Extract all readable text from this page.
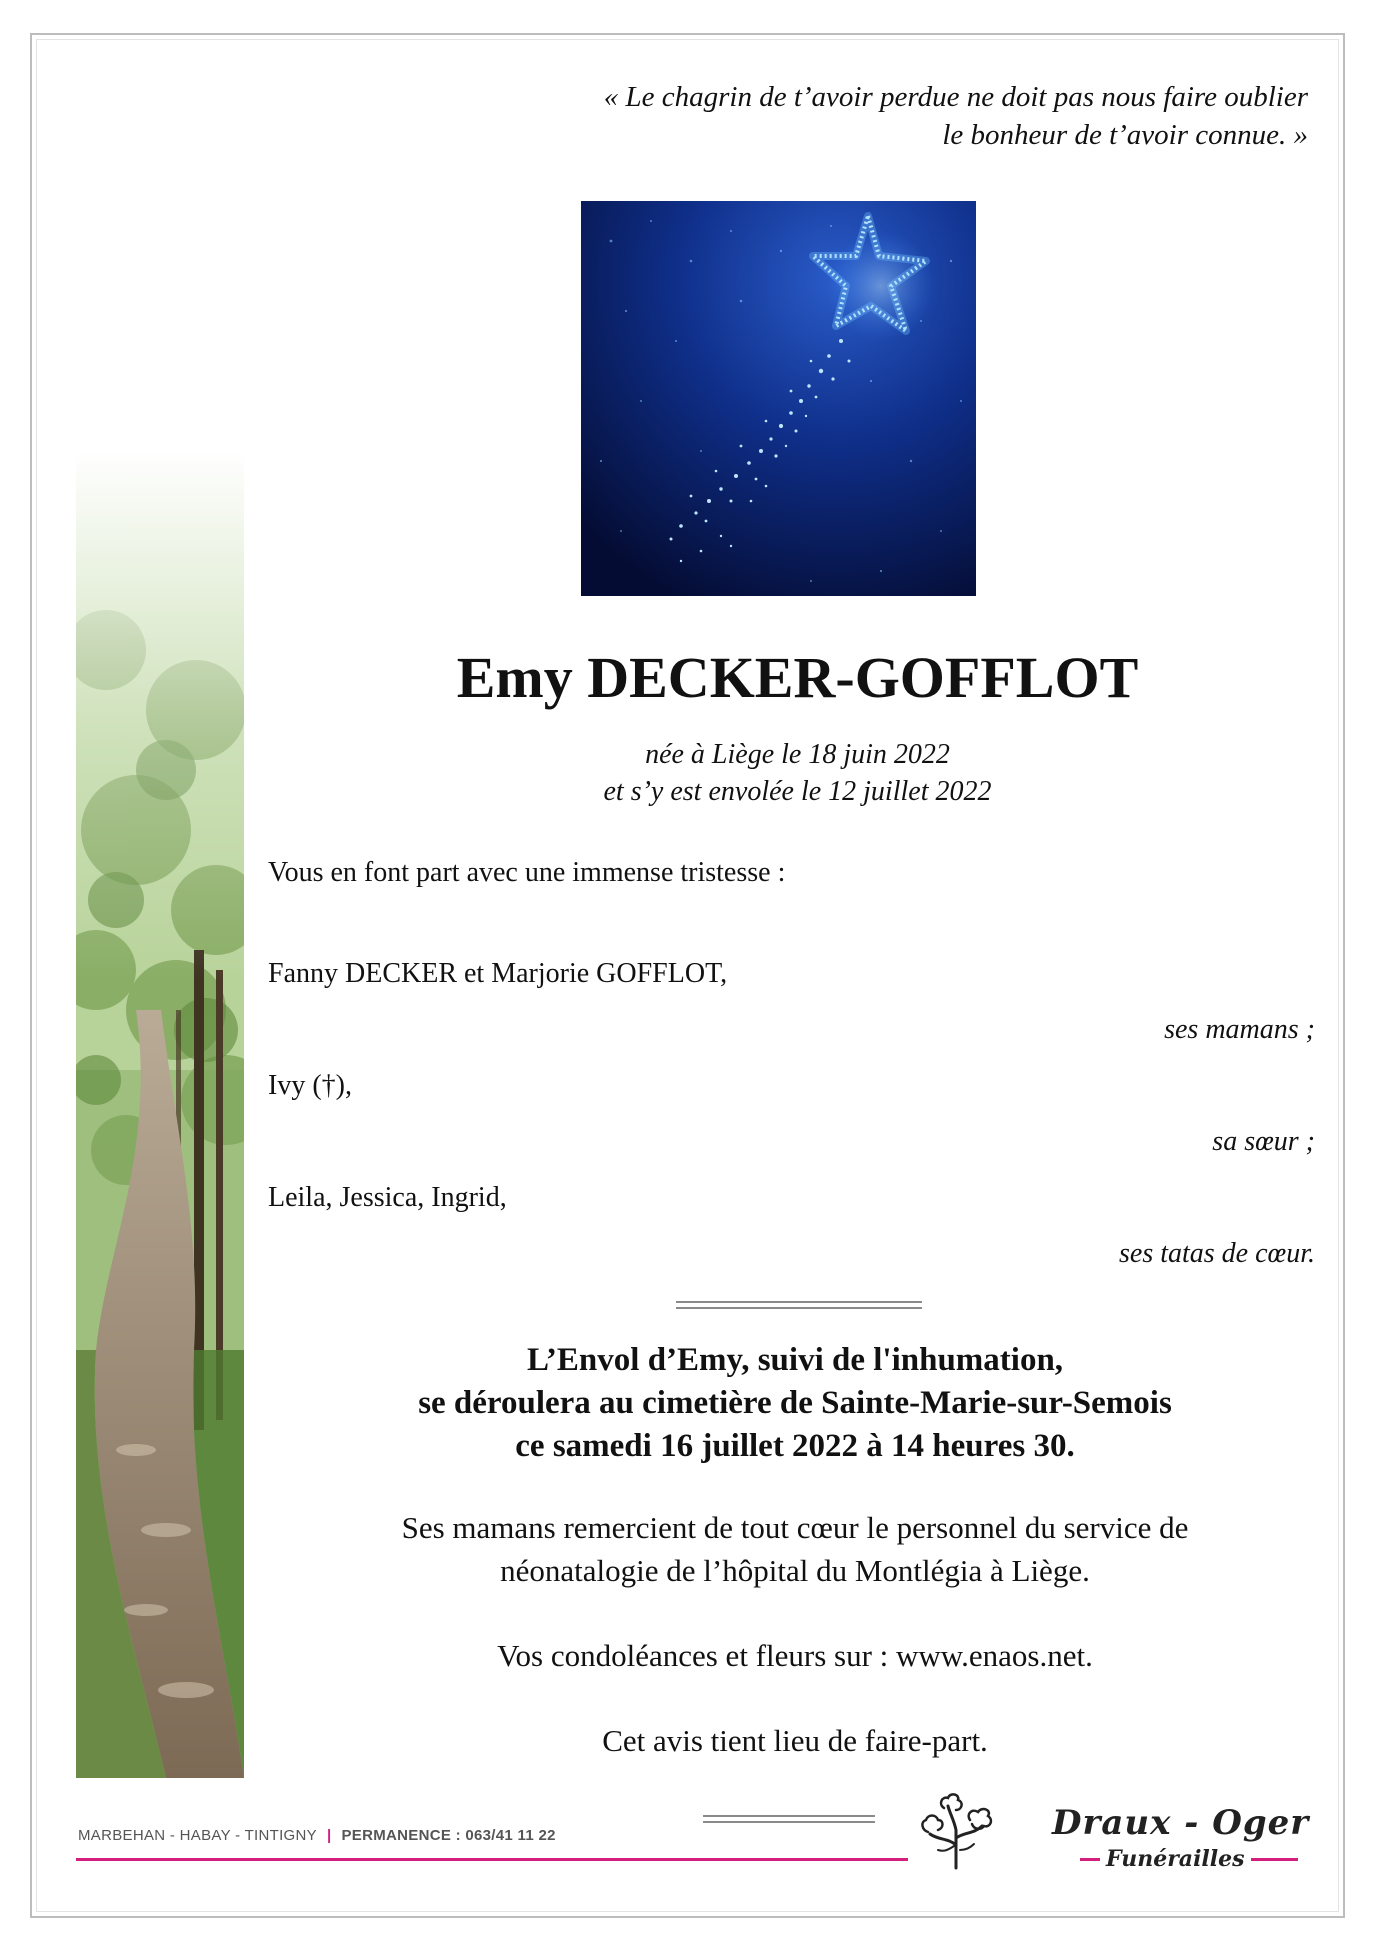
« Le chagrin de t’avoir perdue ne doit pas nous faire oublier
le bonheur de t’avoir connue. »
Emy DECKER-GOFFLOT
née à Liège le 18 juin 2022
et s’y est envolée le 12 juillet 2022
Vous en font part avec une immense tristesse :
Fanny DECKER et Marjorie GOFFLOT,
ses mamans ;
Ivy (†),
sa sœur ;
Leila, Jessica, Ingrid,
ses tatas de cœur.
L’Envol d’Emy, suivi de l'inhumation,
se déroulera au cimetière de Sainte-Marie-sur-Semois
ce samedi 16 juillet 2022 à 14 heures 30.
Ses mamans remercient de tout cœur le personnel du service de
néonatalogie de l’hôpital du Montlégia à Liège.
Vos condoléances et fleurs sur : www.enaos.net.
Cet avis tient lieu de faire-part.
MARBEHAN - HABAY - TINTIGNY | PERMANENCE : 063/41 11 22	Draux - Oger
Funérailles
